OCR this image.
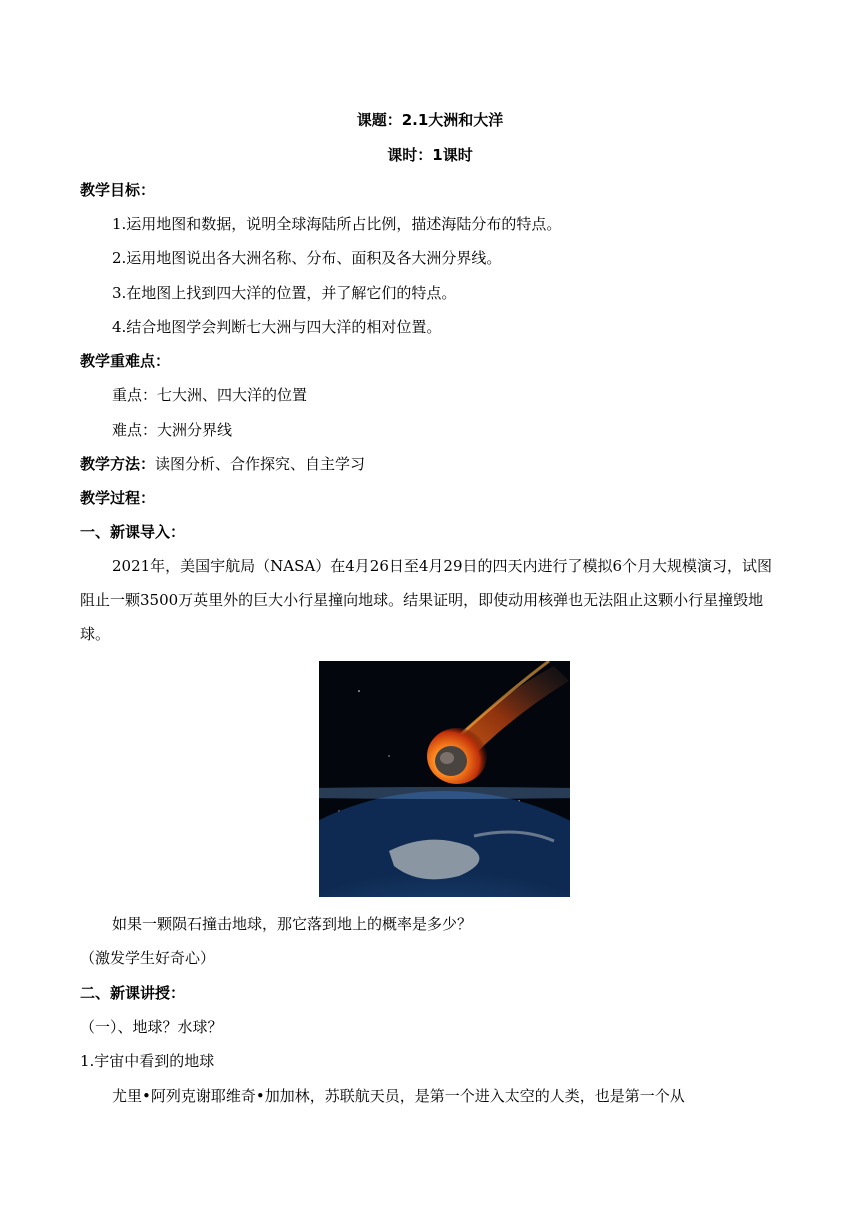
课题：2.1大洲和大洋
课时：1课时
教学目标：
1.运用地图和数据，说明全球海陆所占比例，描述海陆分布的特点。
2.运用地图说出各大洲名称、分布、面积及各大洲分界线。
3.在地图上找到四大洋的位置，并了解它们的特点。
4.结合地图学会判断七大洲与四大洋的相对位置。
教学重难点：
重点：七大洲、四大洋的位置
难点：大洲分界线
教学方法：读图分析、合作探究、自主学习
教学过程：
一、新课导入：
2021年，美国宇航局（NASA）在4月26日至4月29日的四天内进行了模拟6个月大规模演习，试图阻止一颗3500万英里外的巨大小行星撞向地球。结果证明，即使动用核弹也无法阻止这颗小行星撞毁地球。
如果一颗陨石撞击地球，那它落到地上的概率是多少？
（激发学生好奇心）
二、新课讲授：
（一）、地球？水球？
1.宇宙中看到的地球
尤里•阿列克谢耶维奇•加加林，苏联航天员，是第一个进入太空的人类，也是第一个从
